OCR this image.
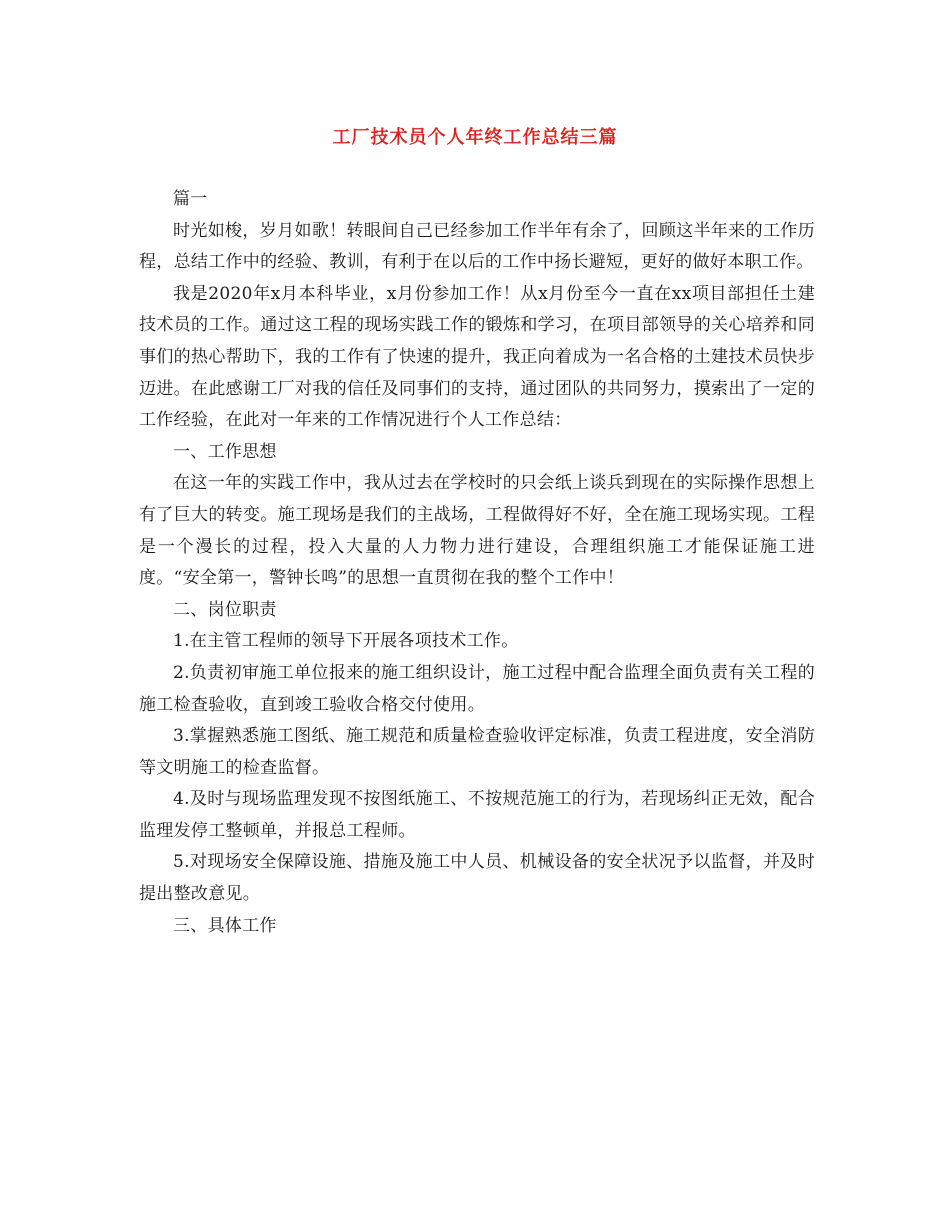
工厂技术员个人年终工作总结三篇

篇一

时光如梭，岁月如歌！转眼间自己已经参加工作半年有余了，回顾这半年来的工作历程，总结工作中的经验、教训，有利于在以后的工作中扬长避短，更好的做好本职工作。

我是2020年x月本科毕业，x月份参加工作！从x月份至今一直在xx项目部担任土建技术员的工作。通过这工程的现场实践工作的锻炼和学习，在项目部领导的关心培养和同事们的热心帮助下，我的工作有了快速的提升，我正向着成为一名合格的土建技术员快步迈进。在此感谢工厂对我的信任及同事们的支持，通过团队的共同努力，摸索出了一定的工作经验，在此对一年来的工作情况进行个人工作总结：

一、工作思想

在这一年的实践工作中，我从过去在学校时的只会纸上谈兵到现在的实际操作思想上有了巨大的转变。施工现场是我们的主战场，工程做得好不好，全在施工现场实现。工程是一个漫长的过程，投入大量的人力物力进行建设，合理组织施工才能保证施工进度。“安全第一，警钟长鸣”的思想一直贯彻在我的整个工作中！

二、岗位职责

1.在主管工程师的领导下开展各项技术工作。

2.负责初审施工单位报来的施工组织设计，施工过程中配合监理全面负责有关工程的施工检查验收，直到竣工验收合格交付使用。

3.掌握熟悉施工图纸、施工规范和质量检查验收评定标准，负责工程进度，安全消防等文明施工的检查监督。

4.及时与现场监理发现不按图纸施工、不按规范施工的行为，若现场纠正无效，配合监理发停工整顿单，并报总工程师。

5.对现场安全保障设施、措施及施工中人员、机械设备的安全状况予以监督，并及时提出整改意见。

三、具体工作
